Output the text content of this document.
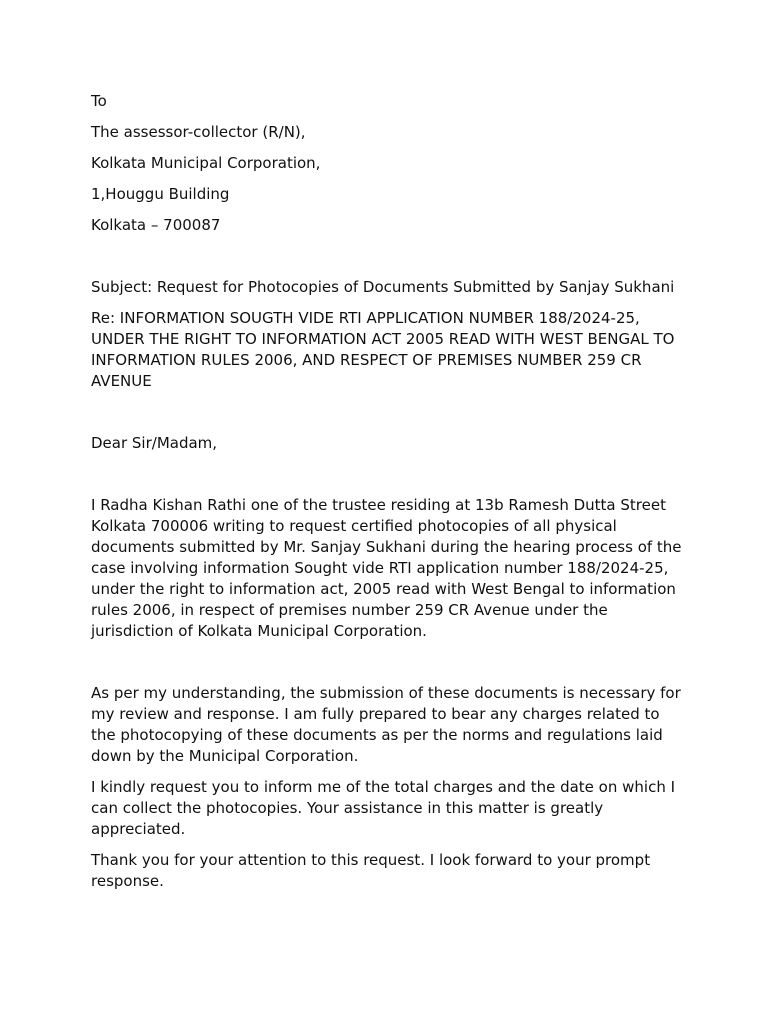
To
The assessor-collector (R/N),
Kolkata Municipal Corporation,
1,Houggu Building
Kolkata – 700087
Subject: Request for Photocopies of Documents Submitted by Sanjay Sukhani
Re: INFORMATION SOUGTH VIDE RTI APPLICATION NUMBER 188/2024-25, UNDER THE RIGHT TO INFORMATION ACT 2005 READ WITH WEST BENGAL TO INFORMATION RULES 2006, AND RESPECT OF PREMISES NUMBER 259 CR AVENUE
Dear Sir/Madam,
I Radha Kishan Rathi one of the trustee residing at 13b Ramesh Dutta Street Kolkata 700006 writing to request certified photocopies of all physical documents submitted by Mr. Sanjay Sukhani during the hearing process of the case involving information Sought vide RTI application number 188/2024-25, under the right to information act, 2005 read with West Bengal to information rules 2006, in respect of premises number 259 CR Avenue under the jurisdiction of Kolkata Municipal Corporation.
As per my understanding, the submission of these documents is necessary for my review and response. I am fully prepared to bear any charges related to the photocopying of these documents as per the norms and regulations laid down by the Municipal Corporation.
I kindly request you to inform me of the total charges and the date on which I can collect the photocopies. Your assistance in this matter is greatly appreciated.
Thank you for your attention to this request. I look forward to your prompt response.
